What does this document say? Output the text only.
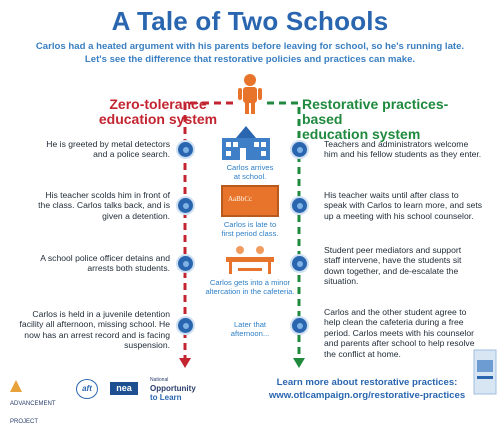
A Tale of Two Schools
Carlos had a heated argument with his parents before leaving for school, so he's running late.
Let's see the difference that restorative policies and practices can make.
AaBbCc
Zero-tolerance
education system
Restorative practices-based
education system
He is greeted by metal detectors
and a police search.
His teacher scolds him in front of
the class. Carlos talks back, and is
given a detention.
A school police officer detains and
arrests both students.
Carlos is held in a juvenile detention
facility all afternoon, missing school. He
now has an arrest record and is facing
suspension.
Teachers and administrators welcome
him and his fellow students as they enter.
His teacher waits until after class to
speak with Carlos to learn more, and sets
up a meeting with his school counselor.
Student peer mediators and support
staff intervene, have the students sit
down together, and de-escalate the
situation.
Carlos and the other student agree to
help clean the cafeteria during a free
period. Carlos meets with his counselor
and parents after school to help resolve
the conflict at home.
Carlos arrives
at school.
Carlos is late to
first period class.
Carlos gets into a minor
altercation in the cafeteria.
Later that
afternoon...
ADVANCEMENT PROJECT
aft	nea
National
Opportunity
to Learn
Learn more about restorative practices:
www.otlcampaign.org/restorative-practices
